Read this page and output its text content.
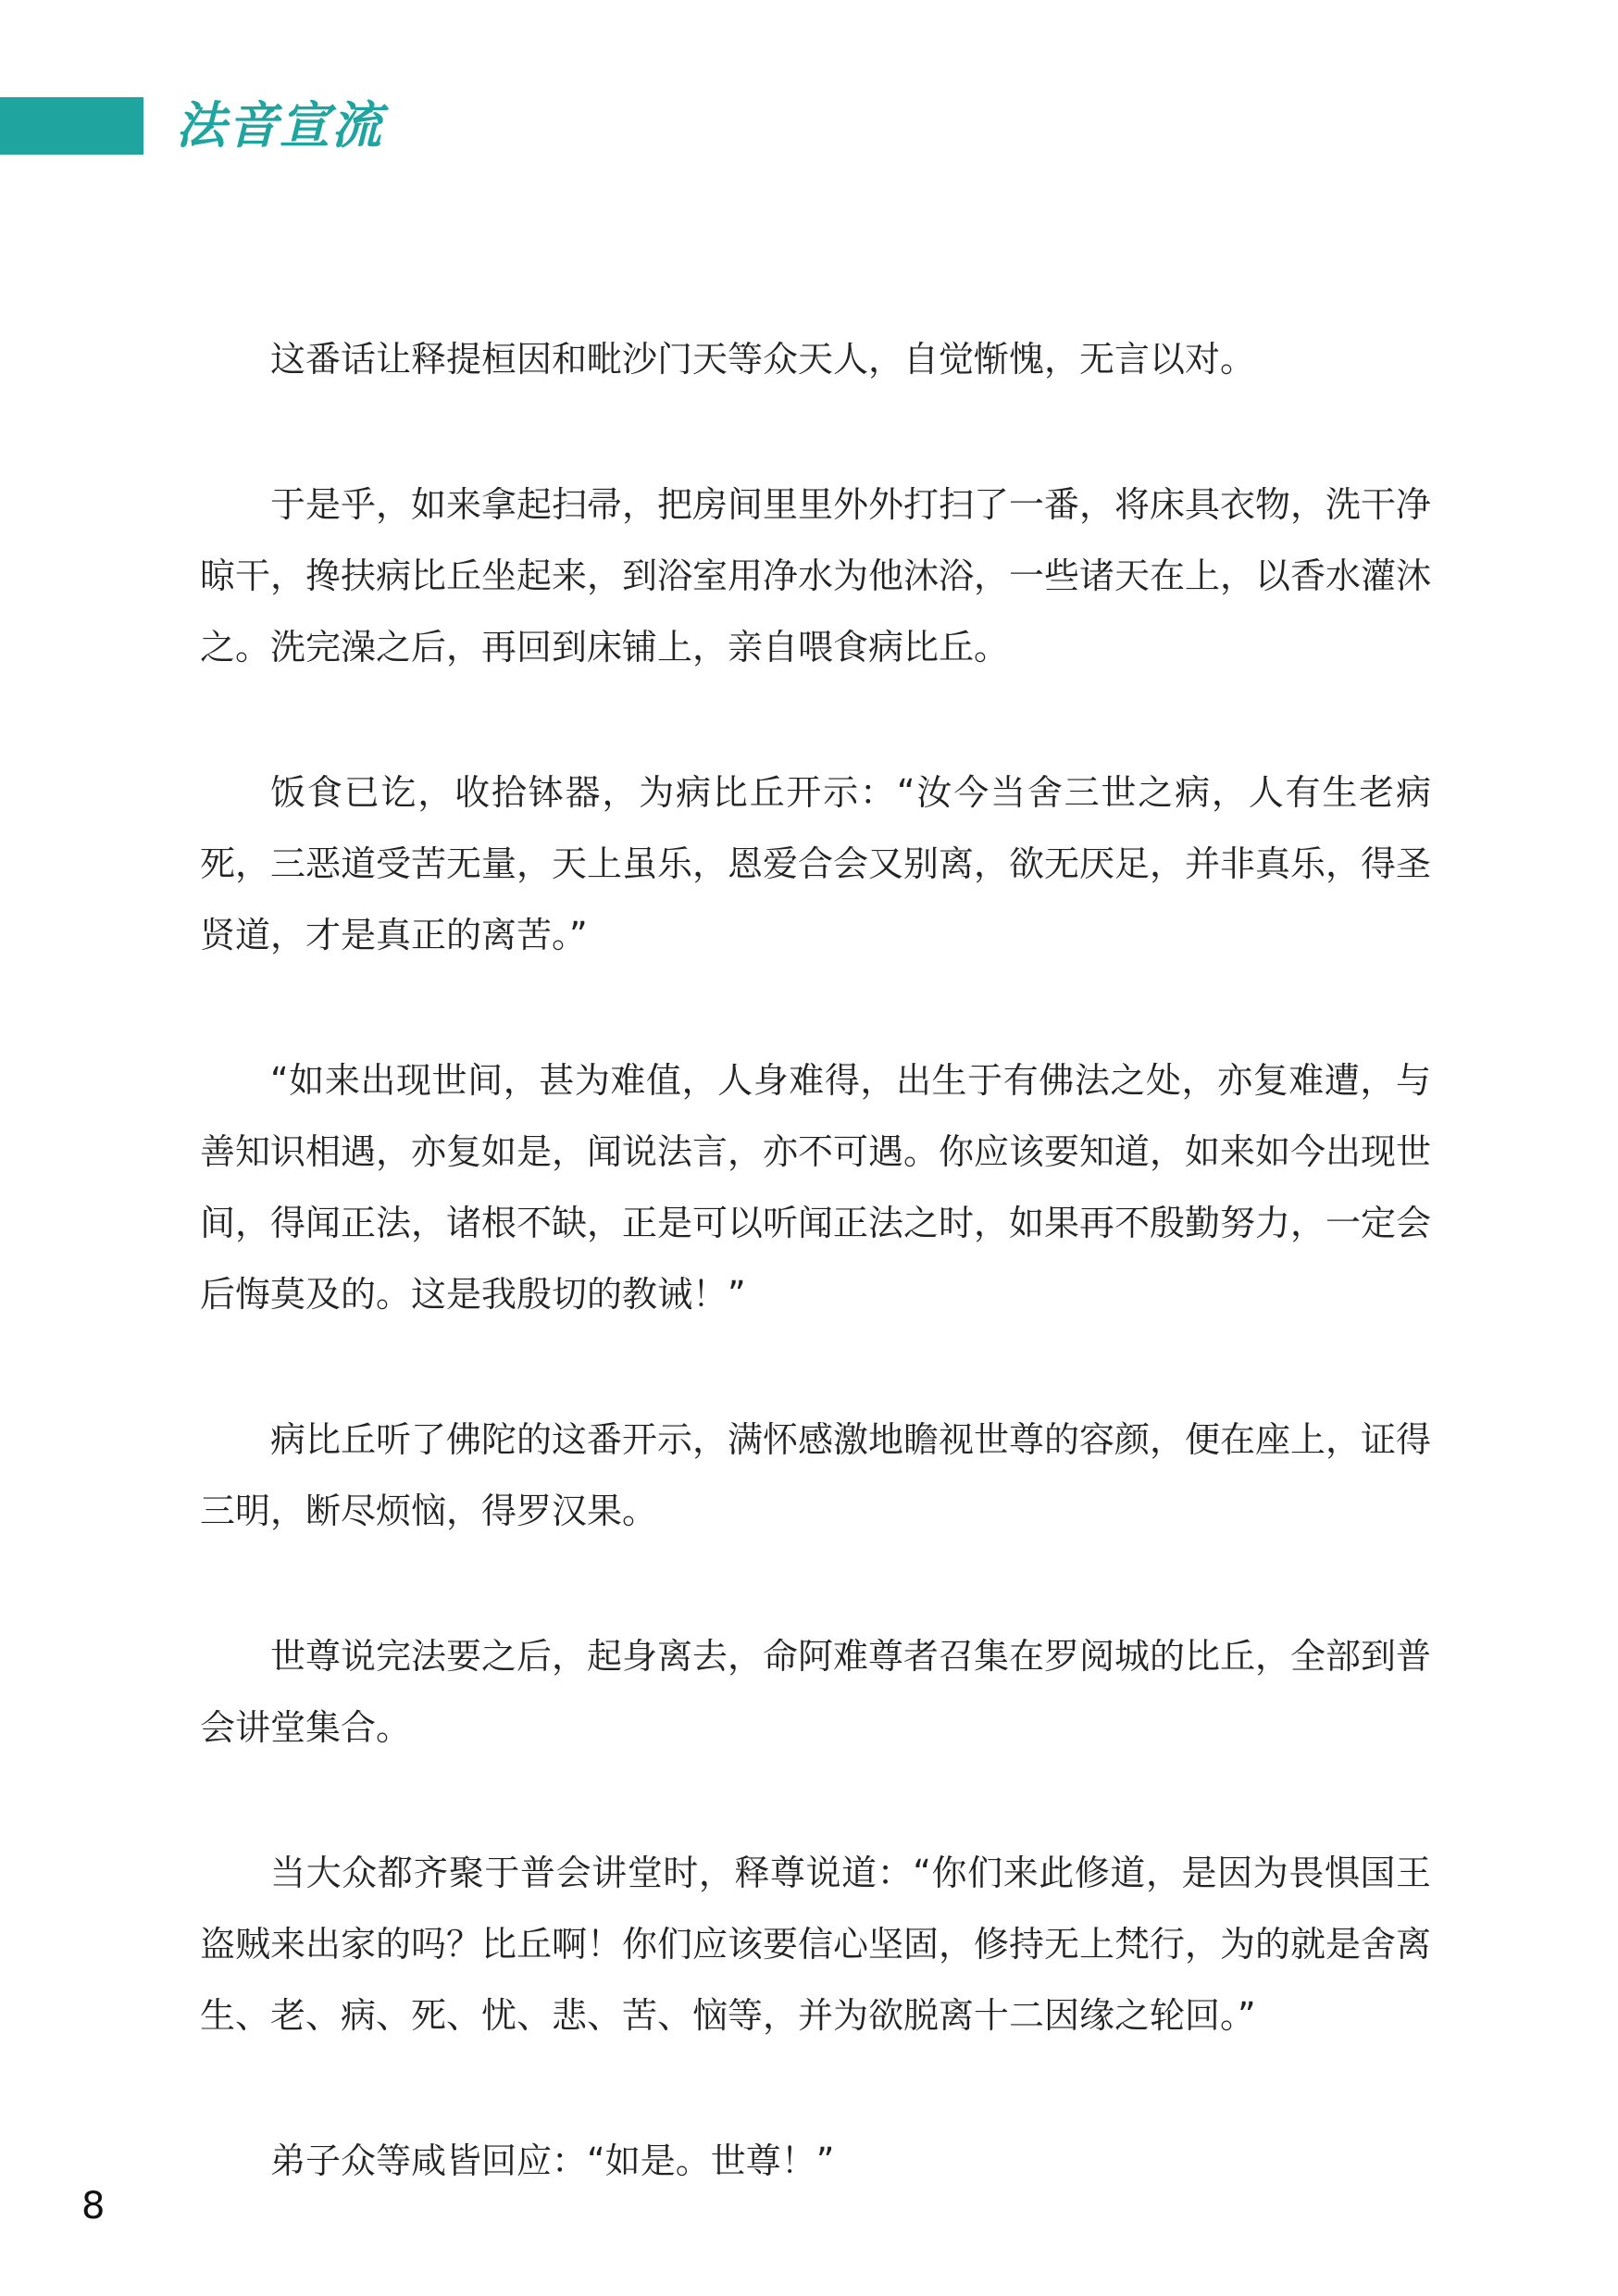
法音宣流

这番话让释提桓因和毗沙门天等众天人，自觉惭愧，无言以对。

于是乎，如来拿起扫帚，把房间里里外外打扫了一番，将床具衣物，洗干净晾干，搀扶病比丘坐起来，到浴室用净水为他沐浴，一些诸天在上，以香水灌沐之。洗完澡之后，再回到床铺上，亲自喂食病比丘。

饭食已讫，收拾钵器，为病比丘开示：“汝今当舍三世之病，人有生老病死，三恶道受苦无量，天上虽乐，恩爱合会又别离，欲无厌足，并非真乐，得圣贤道，才是真正的离苦。”

“如来出现世间，甚为难值，人身难得，出生于有佛法之处，亦复难遭，与善知识相遇，亦复如是，闻说法言，亦不可遇。你应该要知道，如来如今出现世间，得闻正法，诸根不缺，正是可以听闻正法之时，如果再不殷勤努力，一定会后悔莫及的。这是我殷切的教诫！”

病比丘听了佛陀的这番开示，满怀感激地瞻视世尊的容颜，便在座上，证得三明，断尽烦恼，得罗汉果。

世尊说完法要之后，起身离去，命阿难尊者召集在罗阅城的比丘，全部到普会讲堂集合。

当大众都齐聚于普会讲堂时，释尊说道：“你们来此修道，是因为畏惧国王盗贼来出家的吗？比丘啊！你们应该要信心坚固，修持无上梵行，为的就是舍离生、老、病、死、忧、悲、苦、恼等，并为欲脱离十二因缘之轮回。”

弟子众等咸皆回应：“如是。世尊！”

8
